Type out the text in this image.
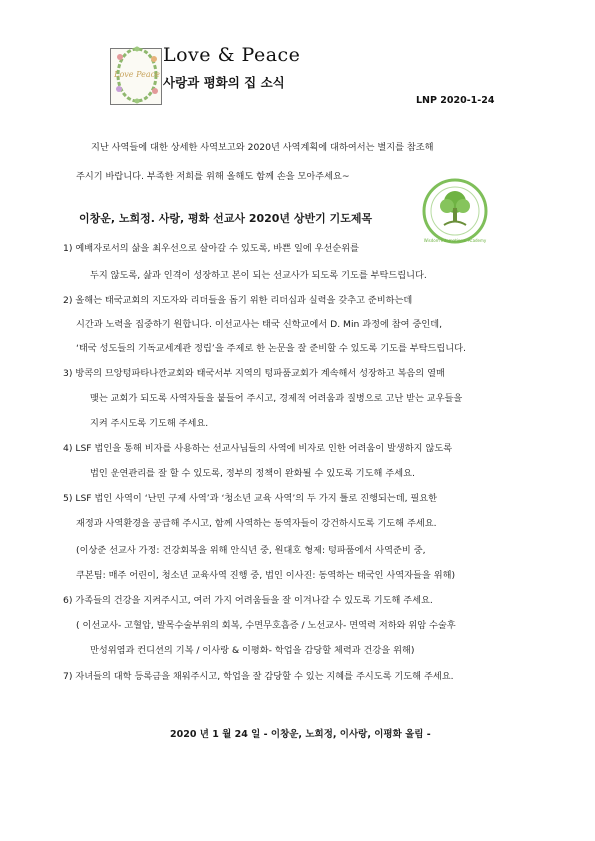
Love Peace
Love & Peace
사랑과 평화의 집 소식
LNP 2020-1-24
지난 사역들에 대한 상세한 사역보고와 2020년 사역계획에 대하여서는 별지를 참조해
주시기 바랍니다. 부족한 저희를 위해 올해도 함께 손을 모아주세요~
Wisdom International Academy
이창운, 노희정. 사랑, 평화 선교사 2020년 상반기 기도제목
1) 예배자로서의 삶을 최우선으로 살아갈 수 있도록, 바쁜 일에 우선순위를
두지 않도록, 삶과 인격이 성장하고 본이 되는 선교사가 되도록 기도를 부탁드립니다.
2) 올해는 태국교회의 지도자와 리더들을 돕기 위한 리더십과 실력을 갖추고 준비하는데
시간과 노력을 집중하기 원합니다. 이선교사는 태국 신학교에서 D. Min 과정에 참여 중인데,
‘태국 성도들의 기독교세계관 정립’을 주제로 한 논문을 잘 준비할 수 있도록 기도를 부탁드립니다.
3) 방콕의 므앙텅파타나깐교회와 태국서부 지역의 텅파품교회가 계속해서 성장하고 복음의 열매
맺는 교회가 되도록 사역자들을 붙들어 주시고, 경제적 어려움과 질병으로 고난 받는 교우들을
지켜 주시도록 기도해 주세요.
4) LSF 법인을 통해 비자를 사용하는 선교사님들의 사역에 비자로 인한 어려움이 발생하지 않도록
법인 운연관리를 잘 할 수 있도록, 정부의 정책이 완화될 수 있도록 기도해 주세요.
5) LSF 법인 사역이 ‘난민 구제 사역’과 ‘청소년 교육 사역’의 두 가지 틀로 진행되는데, 필요한
재정과 사역환경을 공급해 주시고, 함께 사역하는 동역자들이 강건하시도록 기도해 주세요.
(이상준 선교사 가정: 건강회복을 위해 안식년 중, 원대호 형제: 텅파품에서 사역준비 중,
쿠본팀: 매주 어린이, 청소년 교육사역 진행 중, 법인 이사진: 동역하는 태국인 사역자들을 위해)
6) 가족들의 건강을 지켜주시고, 여러 가지 어려움들을 잘 이겨나갈 수 있도록 기도해 주세요.
( 이선교사- 고혈압, 발목수술부위의 회복, 수면무호흡증 / 노선교사- 면역력 저하와 위암 수술후
만성위염과 컨디션의 기복 / 이사랑 & 이평화- 학업을 감당할 체력과 건강을 위해)
7) 자녀들의 대학 등록금을 채워주시고, 학업을 잘 감당할 수 있는 지혜를 주시도록 기도해 주세요.
2020 년 1 월 24 일 - 이창운, 노희정, 이사랑, 이평화 올림 -
